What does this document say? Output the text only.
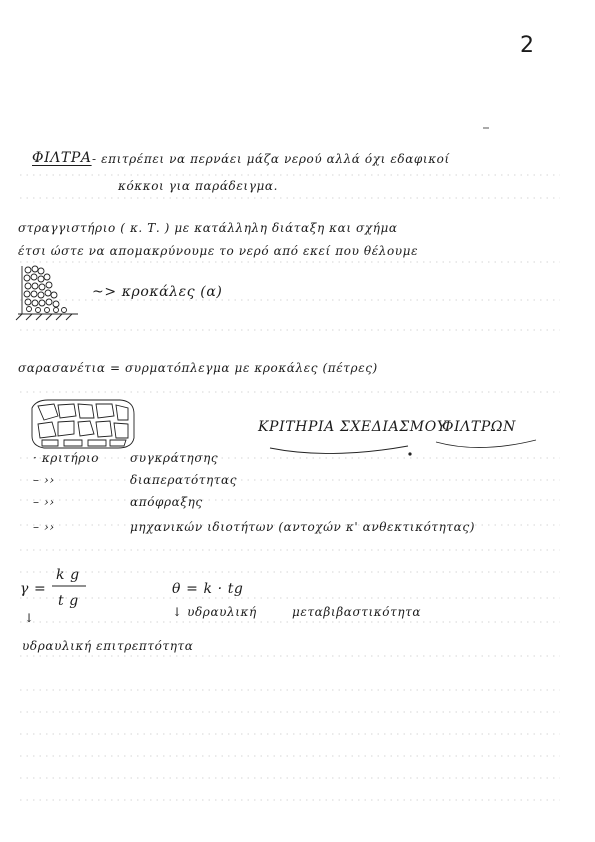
2
ΦΙΛΤΡΑ - επιτρέπει να περνάει μάζα νερού αλλά όχι εδαφικοί
κόκκοι για παράδειγμα.
στραγγιστήριο ( κ. Τ. ) με κατάλληλη διάταξη και σχήμα
έτσι ώστε να απομακρύνουμε το νερό από εκεί που θέλουμε
~> κροκάλες (α)
σαρασανέτια = συρματόπλεγμα με κροκάλες (πέτρες)
ΚΡΙΤΗΡΙΑ ΣΧΕΔΙΑΣΜΟΥ
ΦΙΛΤΡΩΝ
· κριτήριο	συγκράτησης
– ››	διαπερατότητας
– ››	απόφραξης
– ››	μηχανικών ιδιοτήτων (αντοχών κ' ανθεκτικότητας)
γ =
k g
t g
↓
υδραυλική επιτρεπτότητα
θ = k · tg
↓ υδραυλική	μεταβιβαστικότητα
